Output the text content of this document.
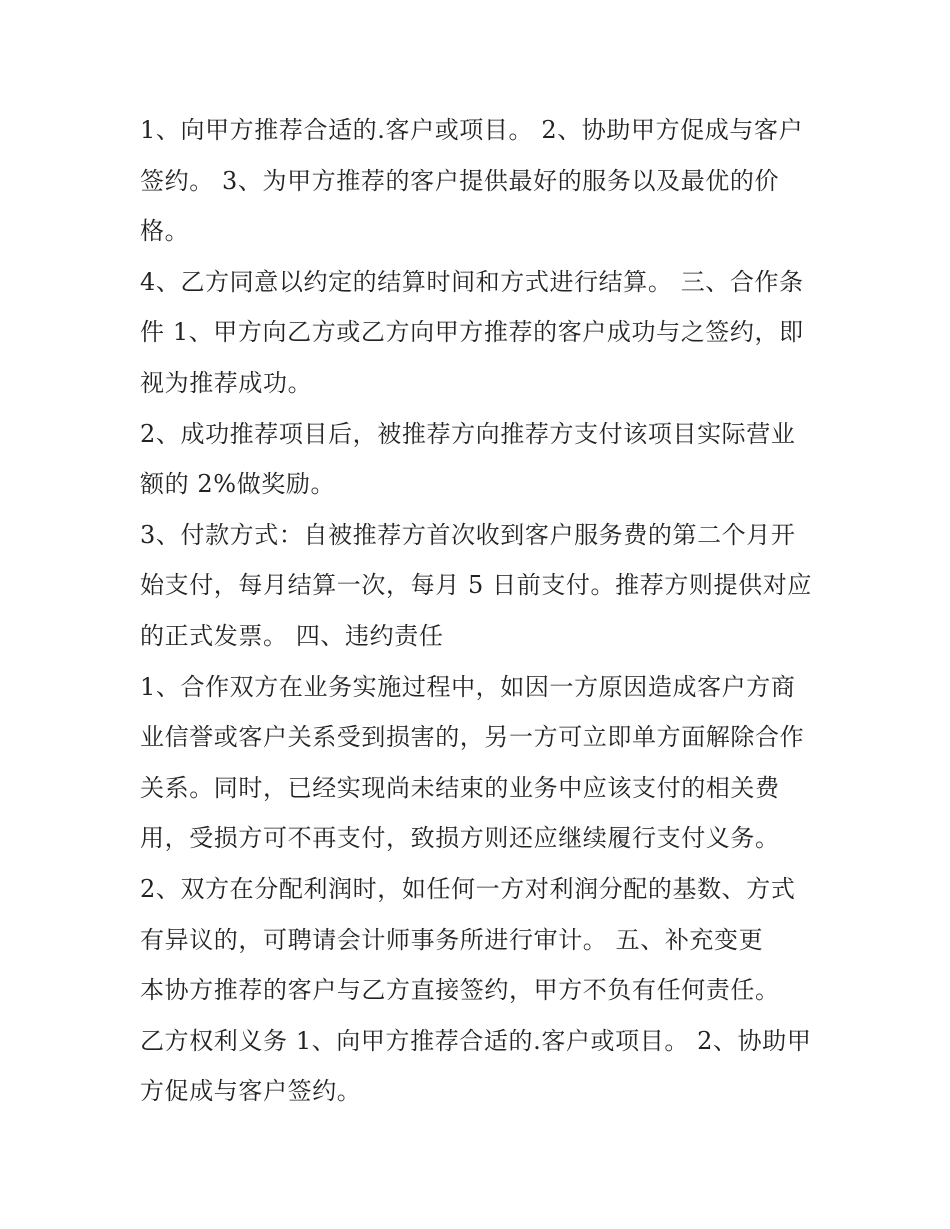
1、向甲方推荐合适的.客户或项目。 2、协助甲方促成与客户
签约。 3、为甲方推荐的客户提供最好的服务以及最优的价
格。
4、乙方同意以约定的结算时间和方式进行结算。 三、合作条
件 1、甲方向乙方或乙方向甲方推荐的客户成功与之签约，即
视为推荐成功。
2、成功推荐项目后，被推荐方向推荐方支付该项目实际营业
额的 2%做奖励。
3、付款方式：自被推荐方首次收到客户服务费的第二个月开
始支付，每月结算一次，每月 5 日前支付。推荐方则提供对应
的正式发票。 四、违约责任
1、合作双方在业务实施过程中，如因一方原因造成客户方商
业信誉或客户关系受到损害的，另一方可立即单方面解除合作
关系。同时，已经实现尚未结束的业务中应该支付的相关费
用，受损方可不再支付，致损方则还应继续履行支付义务。
2、双方在分配利润时，如任何一方对利润分配的基数、方式
有异议的，可聘请会计师事务所进行审计。 五、补充变更
本协方推荐的客户与乙方直接签约，甲方不负有任何责任。
乙方权利义务 1、向甲方推荐合适的.客户或项目。 2、协助甲
方促成与客户签约。
